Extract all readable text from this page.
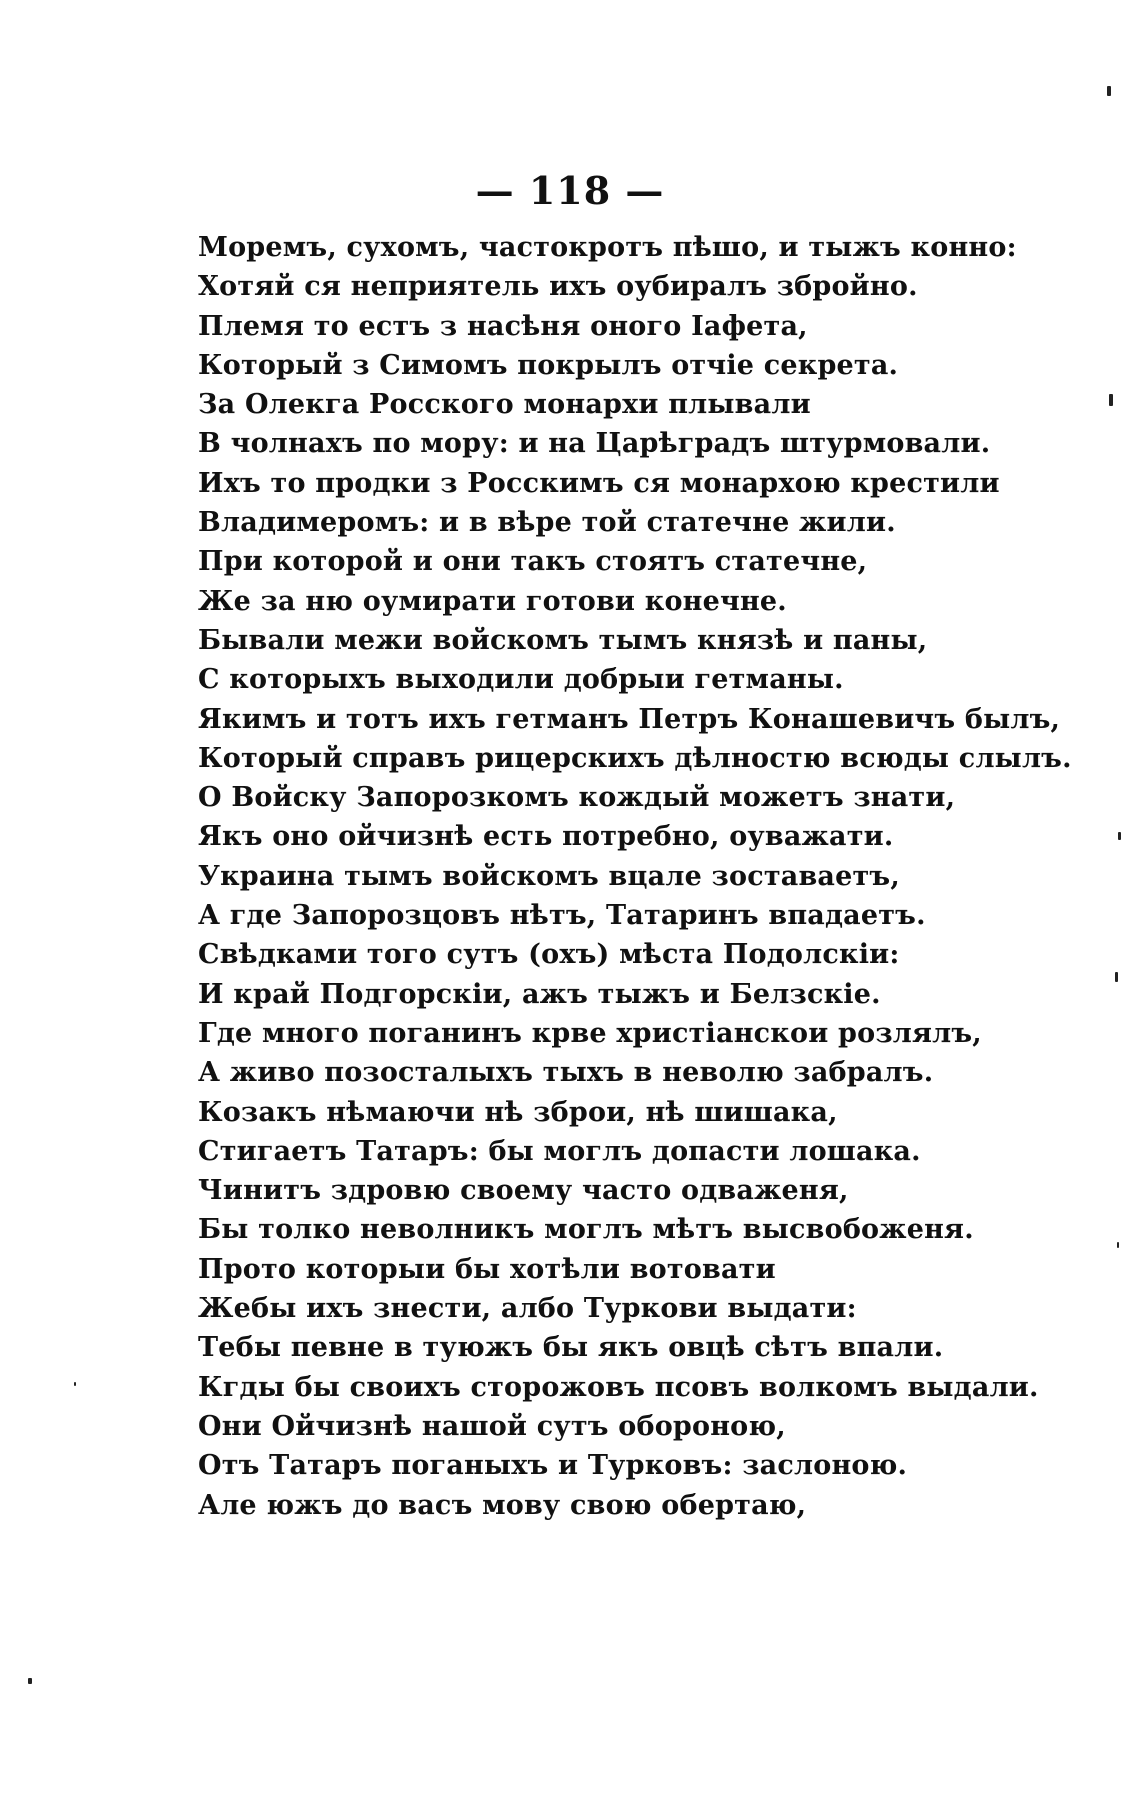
— 118 —
Моремъ, сухомъ, частокротъ пѣшо, и тыжъ конно:
Хотяй ся неприятель ихъ оубиралъ збройно.
Племя то естъ з насѣня оного Іафета,
Который з Симомъ покрылъ отчіе секрета.
За Олекга Росского монархи плывали
В чолнахъ по мору: и на Царѣградъ штурмовали.
Ихъ то продки з Росскимъ ся монархою крестили
Владимеромъ: и в вѣре той статечне жили.
При которой и они такъ стоятъ статечне,
Же за ню оумирати готови конечне.
Бывали межи войскомъ тымъ князѣ и паны,
С которыхъ выходили добрыи гетманы.
Якимъ и тотъ ихъ гетманъ Петръ Конашевичъ былъ,
Который справъ рицерскихъ дѣлностю всюды слылъ.
О Войску Запорозкомъ кождый можетъ знати,
Якъ оно ойчизнѣ есть потребно, оуважати.
Украина тымъ войскомъ вцале зоставаетъ,
А где Запорозцовъ нѣтъ, Татаринъ впадаетъ.
Свѣдками того сутъ (охъ) мѣста Подолскіи:
И край Подгорскіи, ажъ тыжъ и Белзскіе.
Где много поганинъ крве христіанскои розлялъ,
А живо позосталыхъ тыхъ в неволю забралъ.
Козакъ нѣмаючи нѣ зброи, нѣ шишака,
Стигаетъ Татаръ: бы моглъ допасти лошака.
Чинитъ здровю своему часто одваженя,
Бы толко неволникъ моглъ мѣтъ высвобоженя.
Прото которыи бы хотѣли вотовати
Жебы ихъ знести, албо Туркови выдати:
Тебы певне в туюжъ бы якъ овцѣ сѣтъ впали.
Кгды бы своихъ сторожовъ псовъ волкомъ выдали.
Они Ойчизнѣ нашой сутъ обороною,
Отъ Татаръ поганыхъ и Турковъ: заслоною.
Але южъ до васъ мову свою обертаю,
